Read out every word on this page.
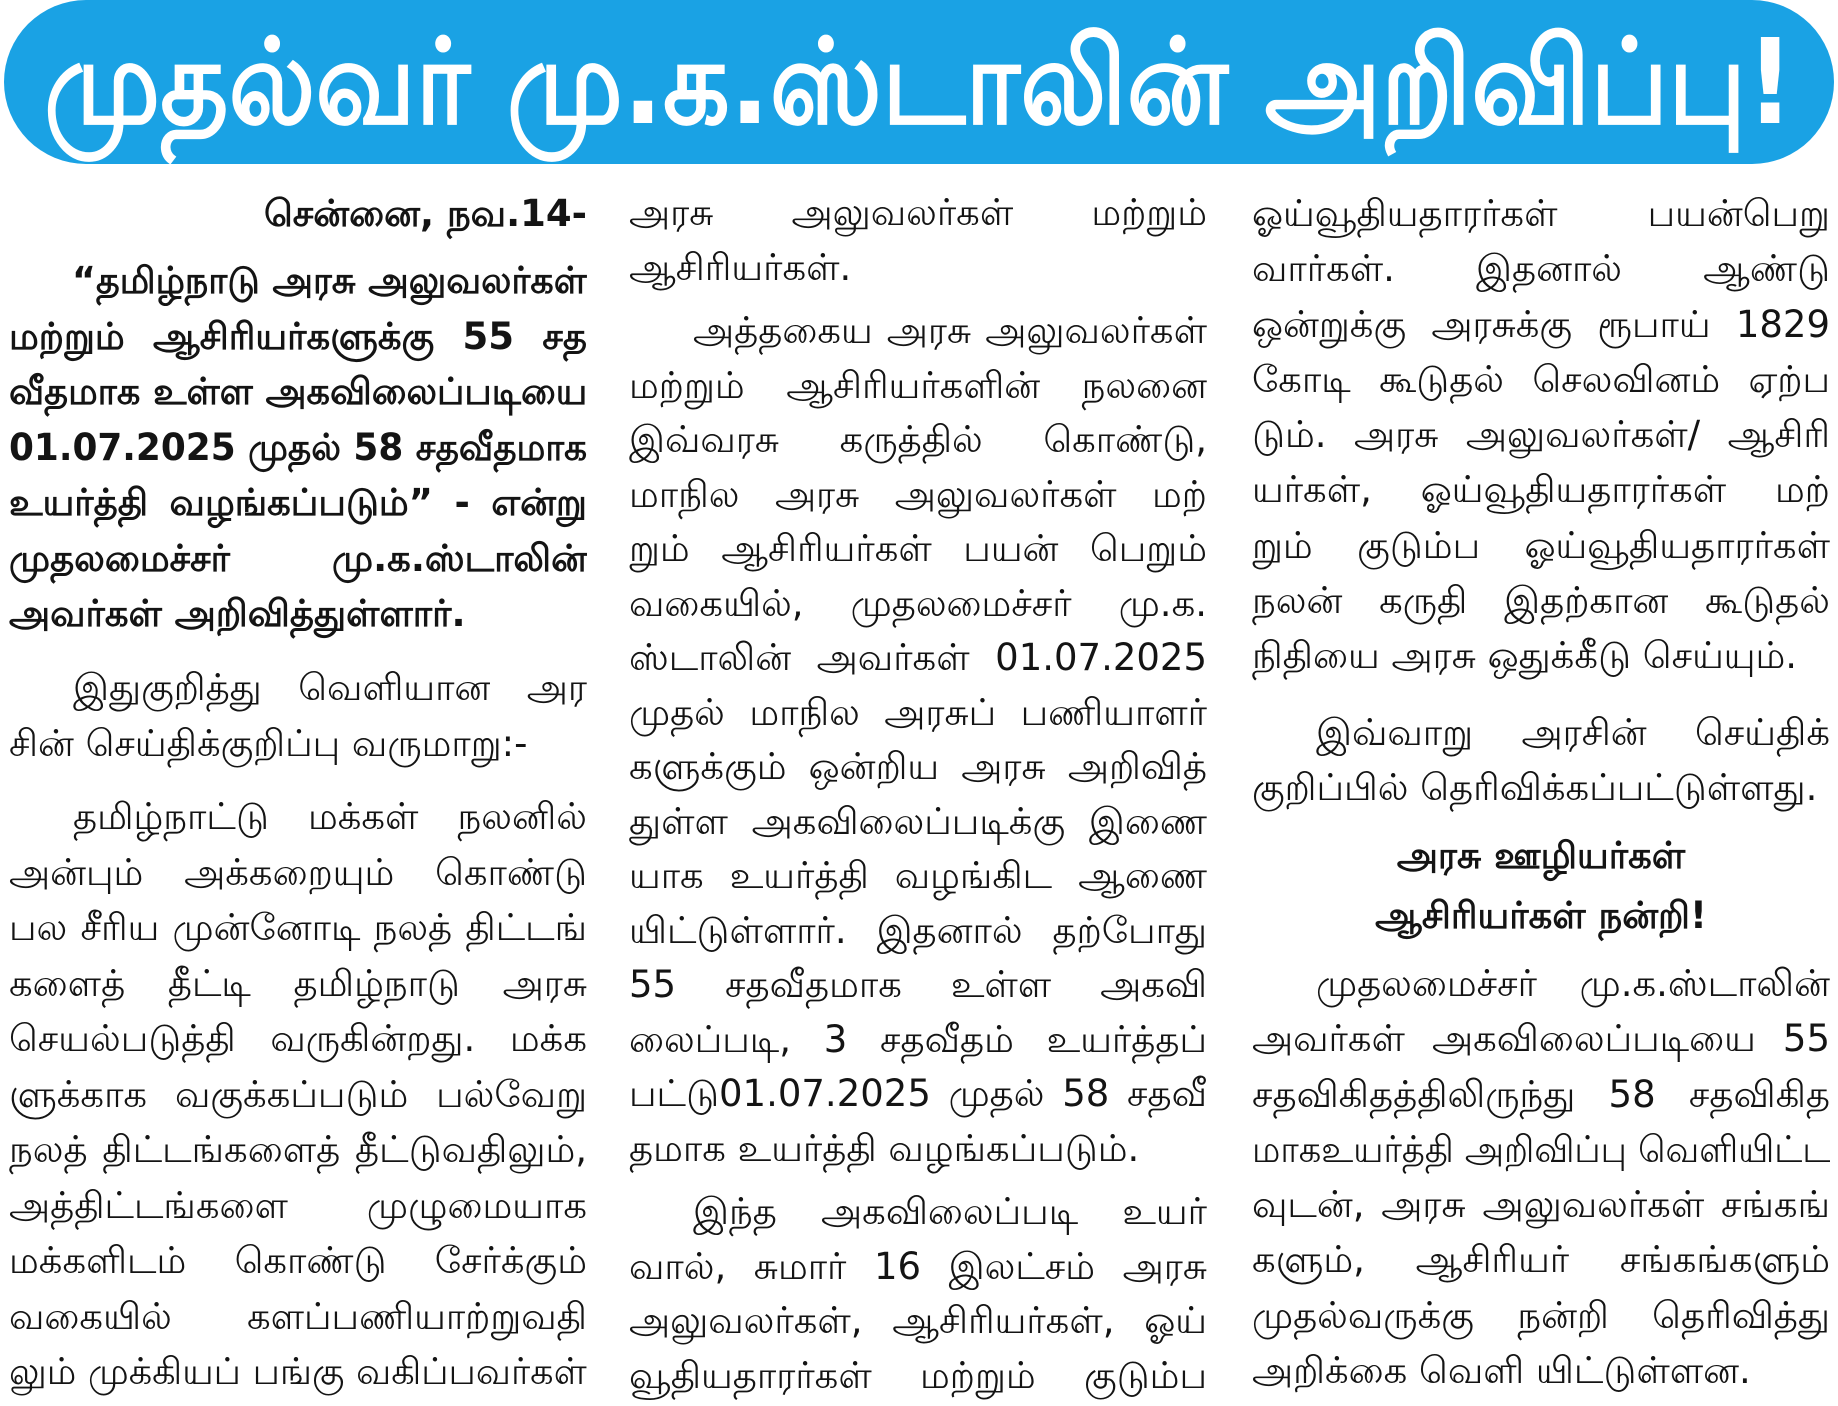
முதல்வர் மு.க.ஸ்டாலின் அறிவிப்பு!
சென்னை, நவ.14-
“தமிழ்நாடு அரசு அலுவலர்கள்
மற்றும் ஆசிரியர்களுக்கு 55 சத
வீதமாக உள்ள அகவிலைப்படியை
01.07.2025 முதல் 58 சதவீதமாக
உயர்த்தி வழங்கப்படும்” - என்று
முதலமைச்சர் மு.க.ஸ்டாலின்
அவர்கள் அறிவித்துள்ளார்.
இதுகுறித்து வெளியான அர
சின் செய்திக்குறிப்பு வருமாறு:-
தமிழ்நாட்டு மக்கள் நலனில்
அன்பும் அக்கறையும் கொண்டு
பல சீரிய முன்னோடி நலத் திட்டங்
களைத் தீட்டி தமிழ்நாடு அரசு
செயல்படுத்தி வருகின்றது. மக்க
ளுக்காக வகுக்கப்படும் பல்வேறு
நலத் திட்டங்களைத் தீட்டுவதிலும்,
அத்திட்டங்களை முழுமையாக
மக்களிடம் கொண்டு சேர்க்கும்
வகையில் களப்பணியாற்றுவதி
லும் முக்கியப் பங்கு வகிப்பவர்கள்
அரசு அலுவலர்கள் மற்றும்
ஆசிரியர்கள்.
அத்தகைய அரசு அலுவலர்கள்
மற்றும் ஆசிரியர்களின் நலனை
இவ்வரசு கருத்தில் கொண்டு,
மாநில அரசு அலுவலர்கள் மற்
றும் ஆசிரியர்கள் பயன் பெறும்
வகையில், முதலமைச்சர் மு.க.
ஸ்டாலின் அவர்கள் 01.07.2025
முதல் மாநில அரசுப் பணியாளர்
களுக்கும் ஒன்றிய அரசு அறிவித்
துள்ள அகவிலைப்படிக்கு இணை
யாக உயர்த்தி வழங்கிட ஆணை
யிட்டுள்ளார். இதனால் தற்போது
55 சதவீதமாக உள்ள அகவி
லைப்படி, 3 சதவீதம் உயர்த்தப்
பட்டு01.07.2025 முதல் 58 சதவீ
தமாக உயர்த்தி வழங்கப்படும்.
இந்த அகவிலைப்படி உயர்
வால், சுமார் 16 இலட்சம் அரசு
அலுவலர்கள், ஆசிரியர்கள், ஓய்
வூதியதாரர்கள் மற்றும் குடும்ப
ஓய்வூதியதாரர்கள் பயன்பெறு
வார்கள். இதனால் ஆண்டு
ஒன்றுக்கு அரசுக்கு ரூபாய் 1829
கோடி கூடுதல் செலவினம் ஏற்ப
டும். அரசு அலுவலர்கள்/ ஆசிரி
யர்கள், ஓய்வூதியதாரர்கள் மற்
றும் குடும்ப ஓய்வூதியதாரர்கள்
நலன் கருதி இதற்கான கூடுதல்
நிதியை அரசு ஒதுக்கீடு செய்யும்.
இவ்வாறு அரசின் செய்திக்
குறிப்பில் தெரிவிக்கப்பட்டுள்ளது.
அரசு ஊழியர்கள்
ஆசிரியர்கள் நன்றி!
முதலமைச்சர் மு.க.ஸ்டாலின்
அவர்கள் அகவிலைப்படியை 55
சதவிகிதத்திலிருந்து 58 சதவிகித
மாகஉயர்த்தி அறிவிப்பு வெளியிட்ட
வுடன், அரசு அலுவலர்கள் சங்கங்
களும், ஆசிரியர் சங்கங்களும்
முதல்வருக்கு நன்றி தெரிவித்து
அறிக்கை வெளி யிட்டுள்ளன.
